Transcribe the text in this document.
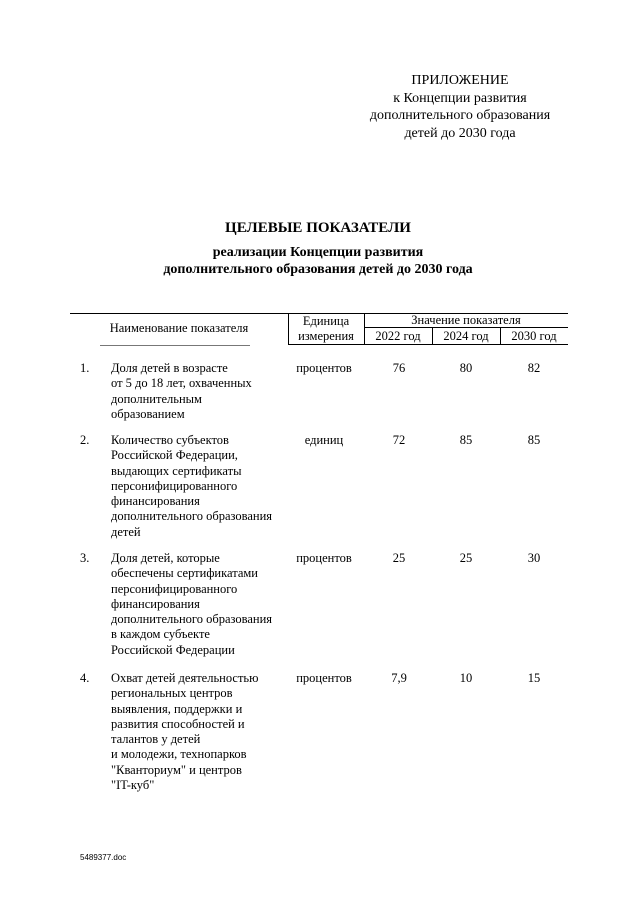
ПРИЛОЖЕНИЕ
к Концепции развития
дополнительного образования
детей до 2030 года
ЦЕЛЕВЫЕ ПОКАЗАТЕЛИ
реализации Концепции развития
дополнительного образования детей до 2030 года
Наименование показателя	Единица
измерения
Значение показателя
2022 год	2024 год	2030 год
1. Доля детей в возрасте
от 5 до 18 лет, охваченных
дополнительным
образованием
процентов	76	80	82
2. Количество субъектов
Российской Федерации,
выдающих сертификаты
персонифицированного
финансирования
дополнительного образования
детей
единиц	72	85	85
3. Доля детей, которые
обеспечены сертификатами
персонифицированного
финансирования
дополнительного образования
в каждом субъекте
Российской Федерации
процентов	25	25	30
4. Охват детей деятельностью
региональных центров
выявления, поддержки и
развития способностей и
талантов у детей
и молодежи, технопарков
"Кванториум" и центров
"IT-куб"
процентов	7,9	10	15
5489377.doc
